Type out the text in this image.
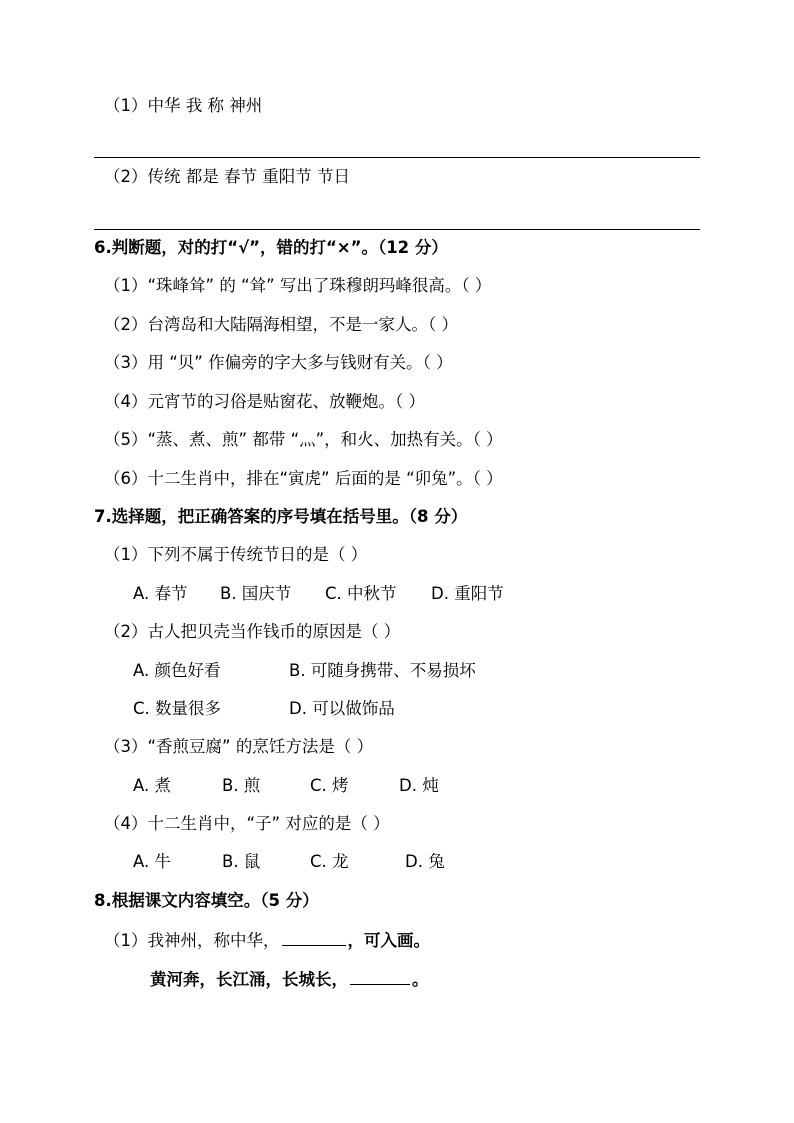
（1）中华 我 称 神州
（2）传统 都是 春节 重阳节 节日
6.判断题，对的打“√”，错的打“×”。（12 分）
（1）“珠峰耸” 的 “耸” 写出了珠穆朗玛峰很高。（ ）
（2）台湾岛和大陆隔海相望，不是一家人。（ ）
（3）用 “贝” 作偏旁的字大多与钱财有关。（ ）
（4）元宵节的习俗是贴窗花、放鞭炮。（ ）
（5）“蒸、煮、煎” 都带 “灬”，和火、加热有关。（ ）
（6）十二生肖中，排在“寅虎” 后面的是 “卯兔”。（ ）
7.选择题，把正确答案的序号填在括号里。（8 分）
（1）下列不属于传统节日的是（ ）
A. 春节 B. 国庆节 C. 中秋节 D. 重阳节
（2）古人把贝壳当作钱币的原因是（ ）
A. 颜色好看	B. 可随身携带、不易损坏
C. 数量很多	D. 可以做饰品
（3）“香煎豆腐” 的烹饪方法是（ ）
A. 煮	B. 煎	C. 烤	D. 炖
（4）十二生肖中，“子” 对应的是（ ）
A. 牛	B. 鼠	C. 龙	D. 兔
8.根据课文内容填空。（5 分）
（1）我神州，称中华，	，可入画。
黄河奔，长江涌，长城长，	。
